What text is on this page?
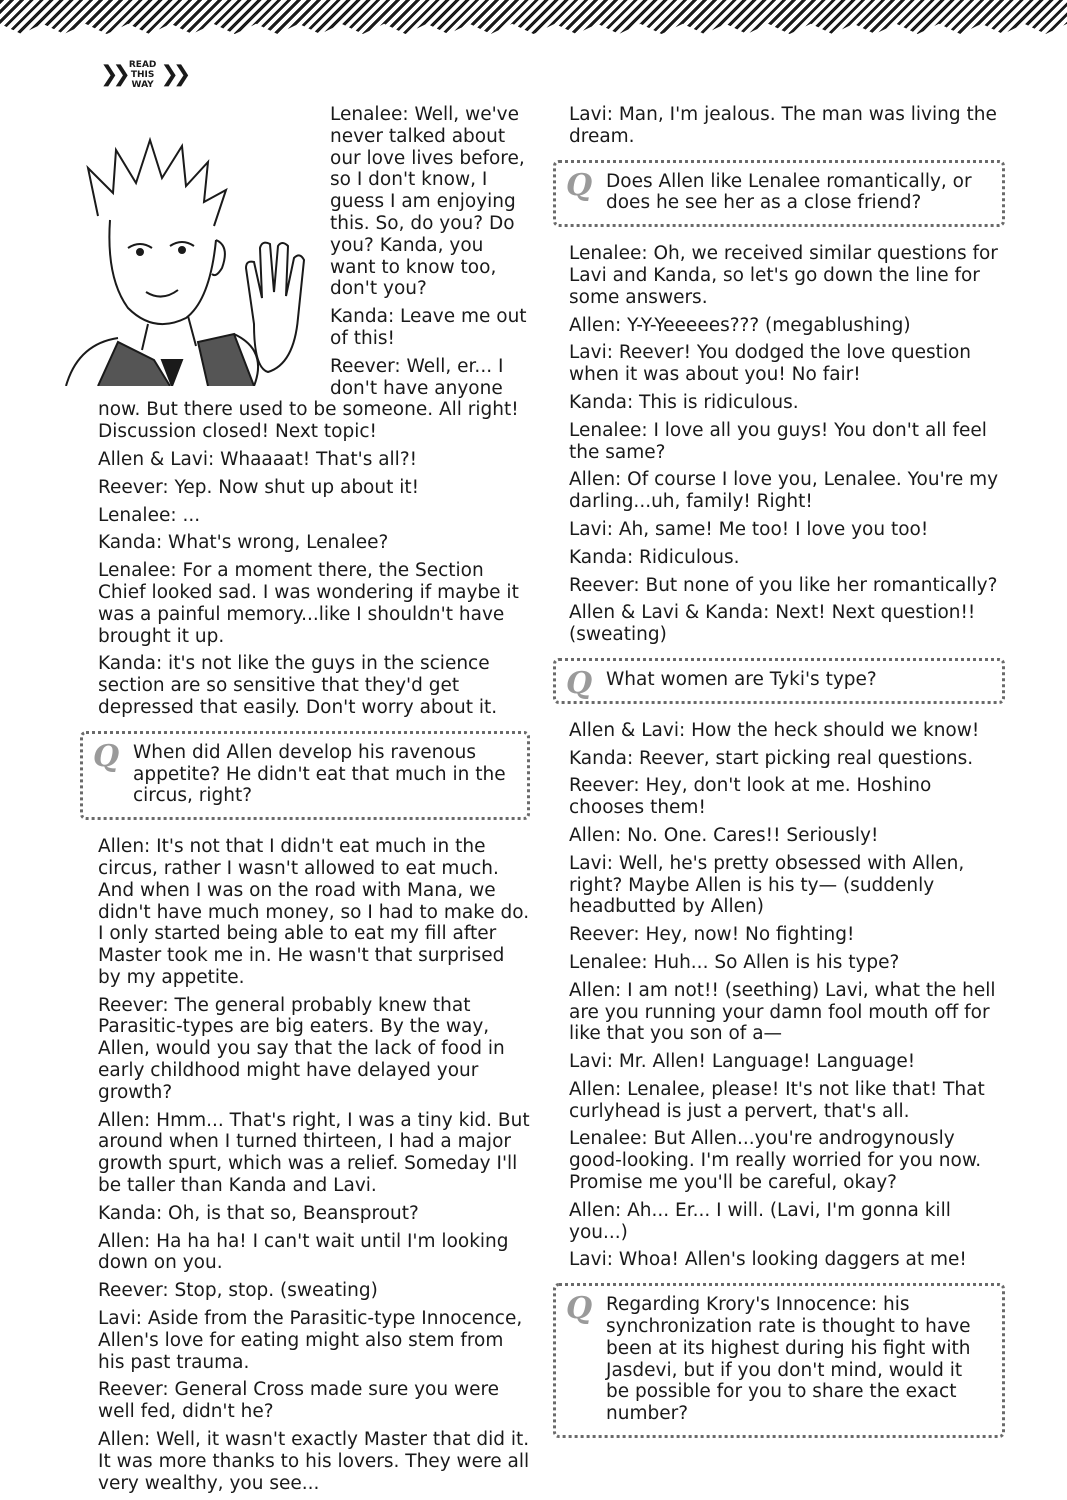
❯❯ READ
THIS
WAY ❯❯

Lenalee: Well, we've never talked about our love lives before, so I don't know, I guess I am enjoying this. So, do you? Do you? Kanda, you want to know too, don't you?

Kanda: Leave me out of this!

Reever: Well, er... I don't have anyone

now. But there used to be someone. All right! Discussion closed! Next topic!

Allen & Lavi: Whaaaat! That's all?!

Reever: Yep. Now shut up about it!

Lenalee: ...

Kanda: What's wrong, Lenalee?

Lenalee: For a moment there, the Section Chief looked sad. I was wondering if maybe it was a painful memory...like I shouldn't have brought it up.

Kanda: it's not like the guys in the science section are so sensitive that they'd get depressed that easily. Don't worry about it.

Q When did Allen develop his ravenous appetite? He didn't eat that much in the circus, right?

Allen: It's not that I didn't eat much in the circus, rather I wasn't allowed to eat much. And when I was on the road with Mana, we didn't have much money, so I had to make do. I only started being able to eat my fill after Master took me in. He wasn't that surprised by my appetite.

Reever: The general probably knew that Parasitic-types are big eaters. By the way, Allen, would you say that the lack of food in early childhood might have delayed your growth?

Allen: Hmm... That's right, I was a tiny kid. But around when I turned thirteen, I had a major growth spurt, which was a relief. Someday I'll be taller than Kanda and Lavi.

Kanda: Oh, is that so, Beansprout?

Allen: Ha ha ha! I can't wait until I'm looking down on you.

Reever: Stop, stop. (sweating)

Lavi: Aside from the Parasitic-type Innocence, Allen's love for eating might also stem from his past trauma.

Reever: General Cross made sure you were well fed, didn't he?

Allen: Well, it wasn't exactly Master that did it. It was more thanks to his lovers. They were all very wealthy, you see...

Lavi: Man, I'm jealous. The man was living the dream.

Q Does Allen like Lenalee romantically, or does he see her as a close friend?

Lenalee: Oh, we received similar questions for Lavi and Kanda, so let's go down the line for some answers.

Allen: Y-Y-Yeeeees??? (megablushing)

Lavi: Reever! You dodged the love question when it was about you! No fair!

Kanda: This is ridiculous.

Lenalee: I love all you guys! You don't all feel the same?

Allen: Of course I love you, Lenalee. You're my darling...uh, family! Right!

Lavi: Ah, same! Me too! I love you too!

Kanda: Ridiculous.

Reever: But none of you like her romantically?

Allen & Lavi & Kanda: Next! Next question!! (sweating)

Q What women are Tyki's type?

Allen & Lavi: How the heck should we know!

Kanda: Reever, start picking real questions.

Reever: Hey, don't look at me. Hoshino chooses them!

Allen: No. One. Cares!! Seriously!

Lavi: Well, he's pretty obsessed with Allen, right? Maybe Allen is his ty— (suddenly headbutted by Allen)

Reever: Hey, now! No fighting!

Lenalee: Huh... So Allen is his type?

Allen: I am not!! (seething) Lavi, what the hell are you running your damn fool mouth off for like that you son of a—

Lavi: Mr. Allen! Language! Language!

Allen: Lenalee, please! It's not like that! That curlyhead is just a pervert, that's all.

Lenalee: But Allen...you're androgynously good-looking. I'm really worried for you now. Promise me you'll be careful, okay?

Allen: Ah... Er... I will. (Lavi, I'm gonna kill you...)

Lavi: Whoa! Allen's looking daggers at me!

Q Regarding Krory's Innocence: his synchronization rate is thought to have been at its highest during his fight with Jasdevi, but if you don't mind, would it be possible for you to share the exact number?
